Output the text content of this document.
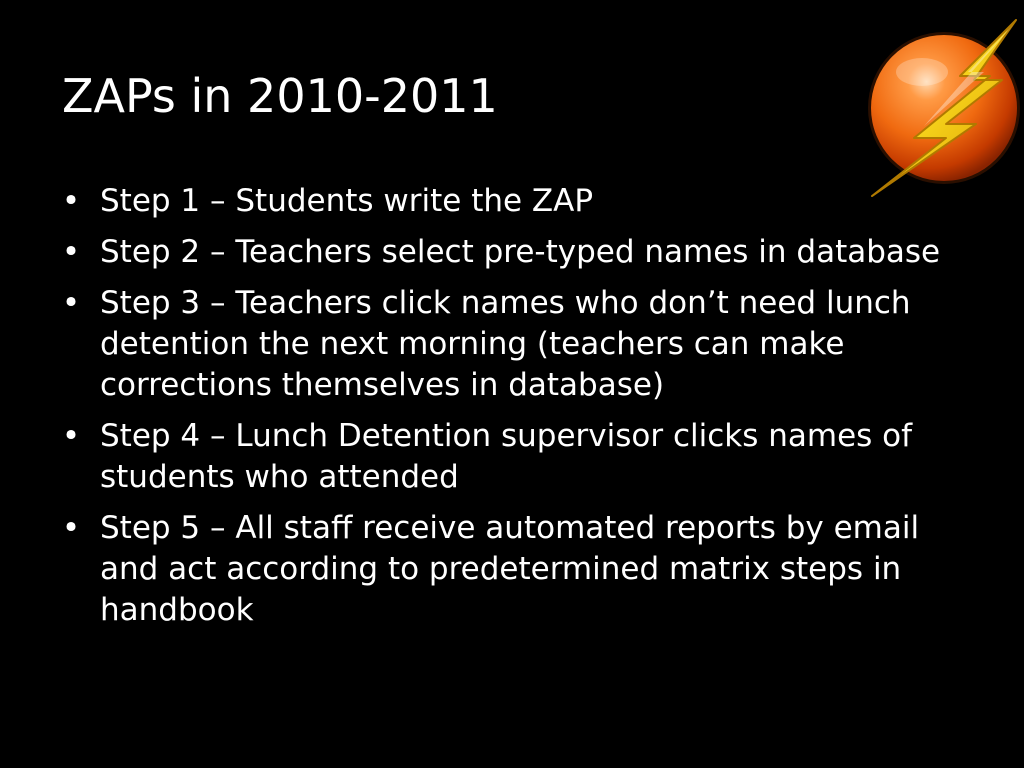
ZAPs in 2010-2011
• Step 1 – Students write the ZAP
• Step 2 – Teachers select pre-typed names in database
• Step 3 – Teachers click names who don’t need lunch detention the next morning (teachers can make corrections themselves in database)
• Step 4 – Lunch Detention supervisor clicks names of students who attended
• Step 5 – All staff receive automated reports by email and act according to predetermined matrix steps in handbook
